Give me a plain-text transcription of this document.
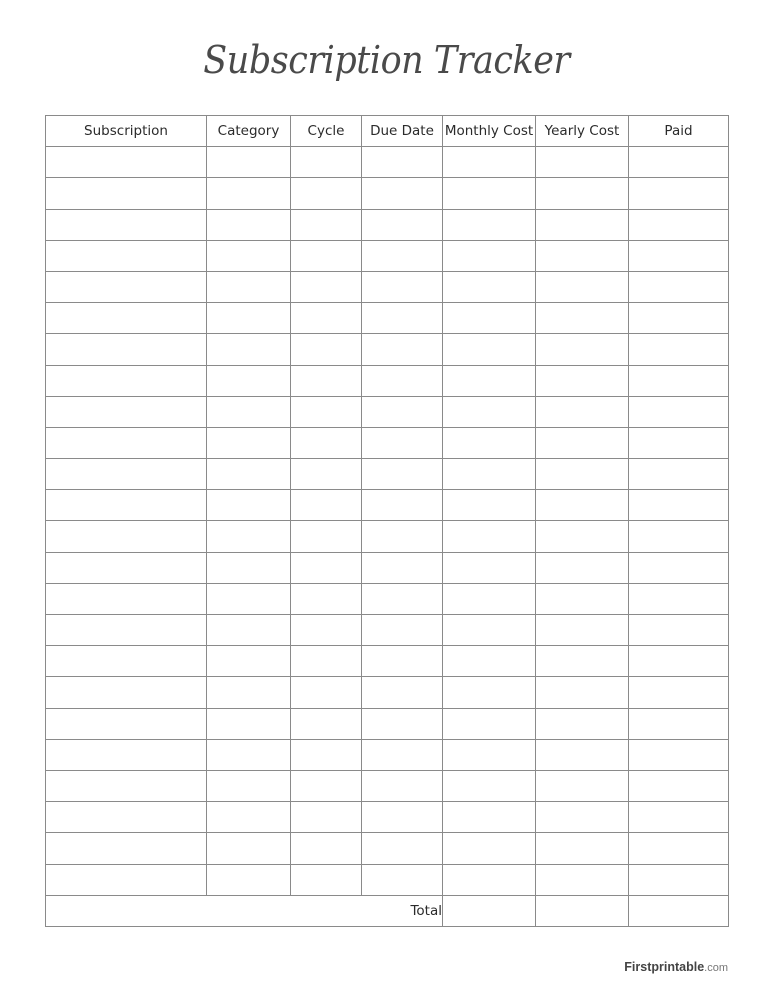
Subscription Tracker
Subscription	Category	Cycle	Due Date	Monthly Cost	Yearly Cost	Paid

Total						
Firstprintable.com
